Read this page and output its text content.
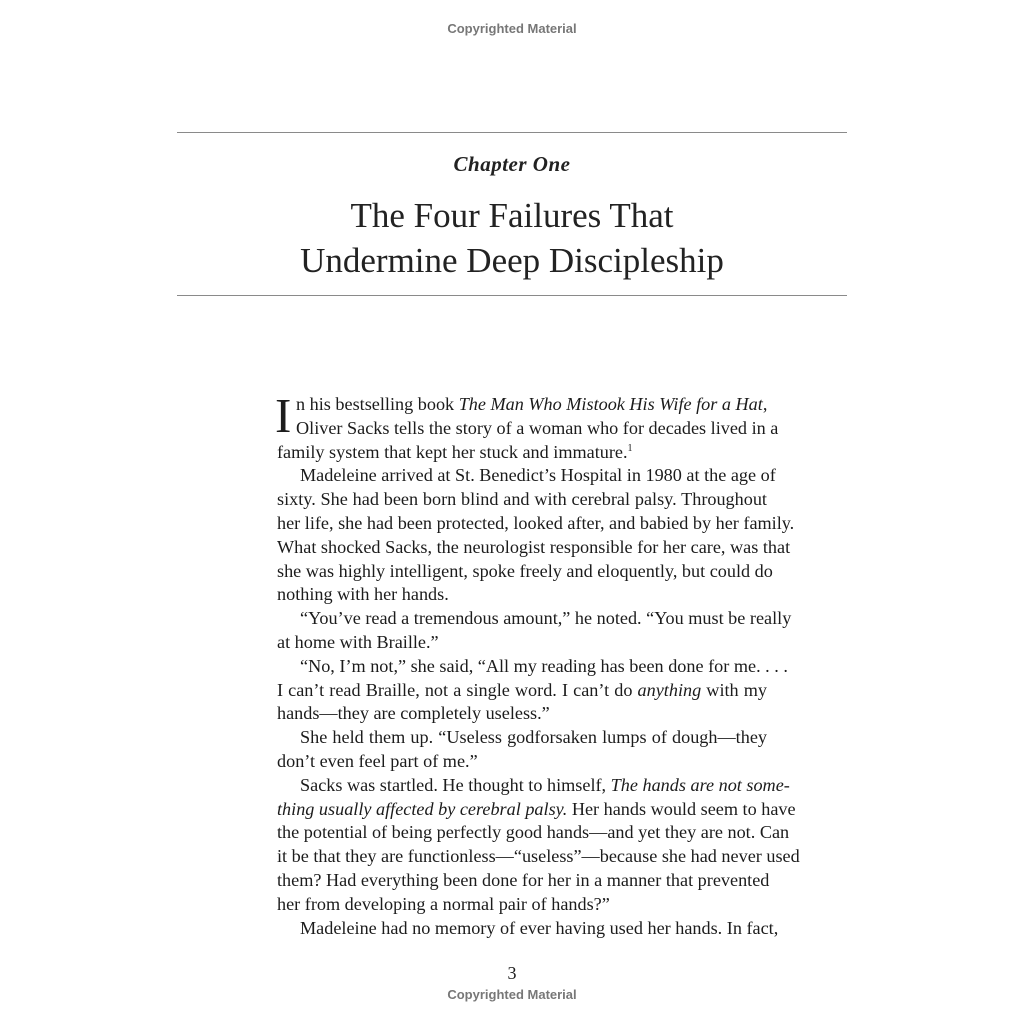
Copyrighted Material
Chapter One
The Four Failures That
Undermine Deep Discipleship
I n his bestselling book The Man Who Mistook His Wife for a Hat,
Oliver Sacks tells the story of a woman who for decades lived in a
family system that kept her stuck and immature.$^1$
Madeleine arrived at St. Benedict’s Hospital in 1980 at the age of
sixty. She had been born blind and with cerebral palsy. Throughout
her life, she had been protected, looked after, and babied by her family.
What shocked Sacks, the neurologist responsible for her care, was that
she was highly intelligent, spoke freely and eloquently, but could do
nothing with her hands.
“You’ve read a tremendous amount,” he noted. “You must be really
at home with Braille.”
“No, I’m not,” she said, “All my reading has been done for me. . . .
I can’t read Braille, not a single word. I can’t do anything with my
hands—they are completely useless.”
She held them up. “Useless godforsaken lumps of dough—they
don’t even feel part of me.”
Sacks was startled. He thought to himself, The hands are not some-
thing usually affected by cerebral palsy. Her hands would seem to have
the potential of being perfectly good hands—and yet they are not. Can
it be that they are functionless—“useless”—because she had never used
them? Had everything been done for her in a manner that prevented
her from developing a normal pair of hands?”
Madeleine had no memory of ever having used her hands. In fact,
3
Copyrighted Material
